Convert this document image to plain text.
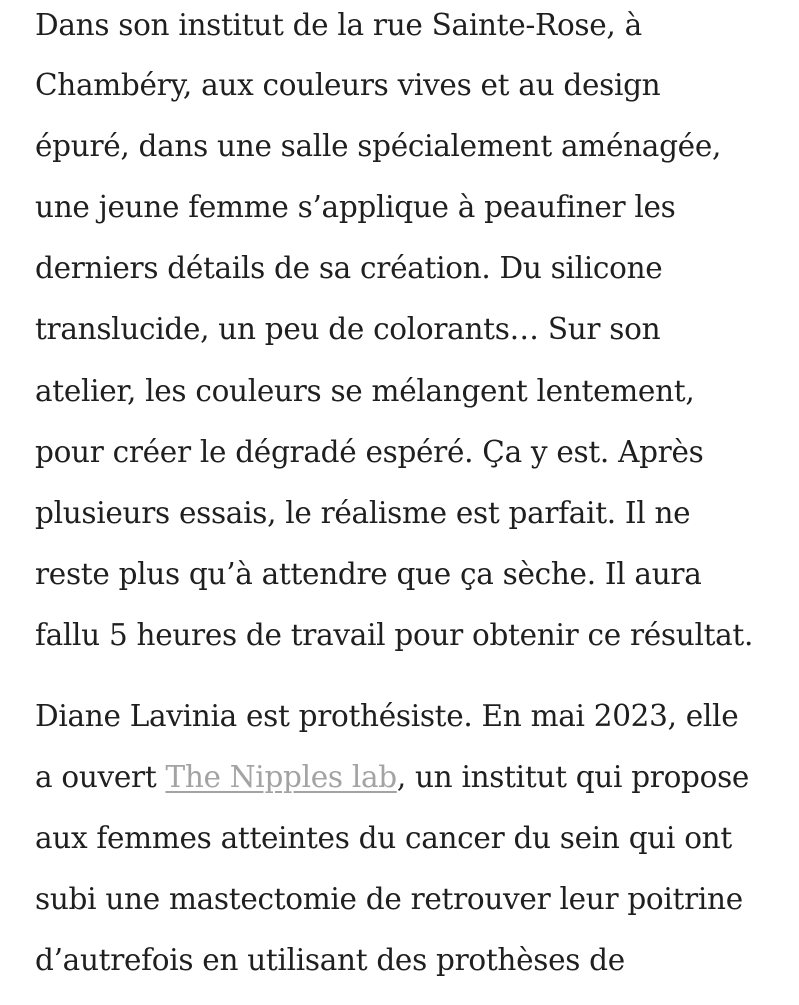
Dans son institut de la rue Sainte-Rose, à
Chambéry, aux couleurs vives et au design
épuré, dans une salle spécialement aménagée,
une jeune femme s’applique à peaufiner les
derniers détails de sa création. Du silicone
translucide, un peu de colorants… Sur son
atelier, les couleurs se mélangent lentement,
pour créer le dégradé espéré. Ça y est. Après
plusieurs essais, le réalisme est parfait. Il ne
reste plus qu’à attendre que ça sèche. Il aura
fallu 5 heures de travail pour obtenir ce résultat.

Diane Lavinia est prothésiste. En mai 2023, elle
a ouvert The Nipples lab, un institut qui propose
aux femmes atteintes du cancer du sein qui ont
subi une mastectomie de retrouver leur poitrine
d’autrefois en utilisant des prothèses de
